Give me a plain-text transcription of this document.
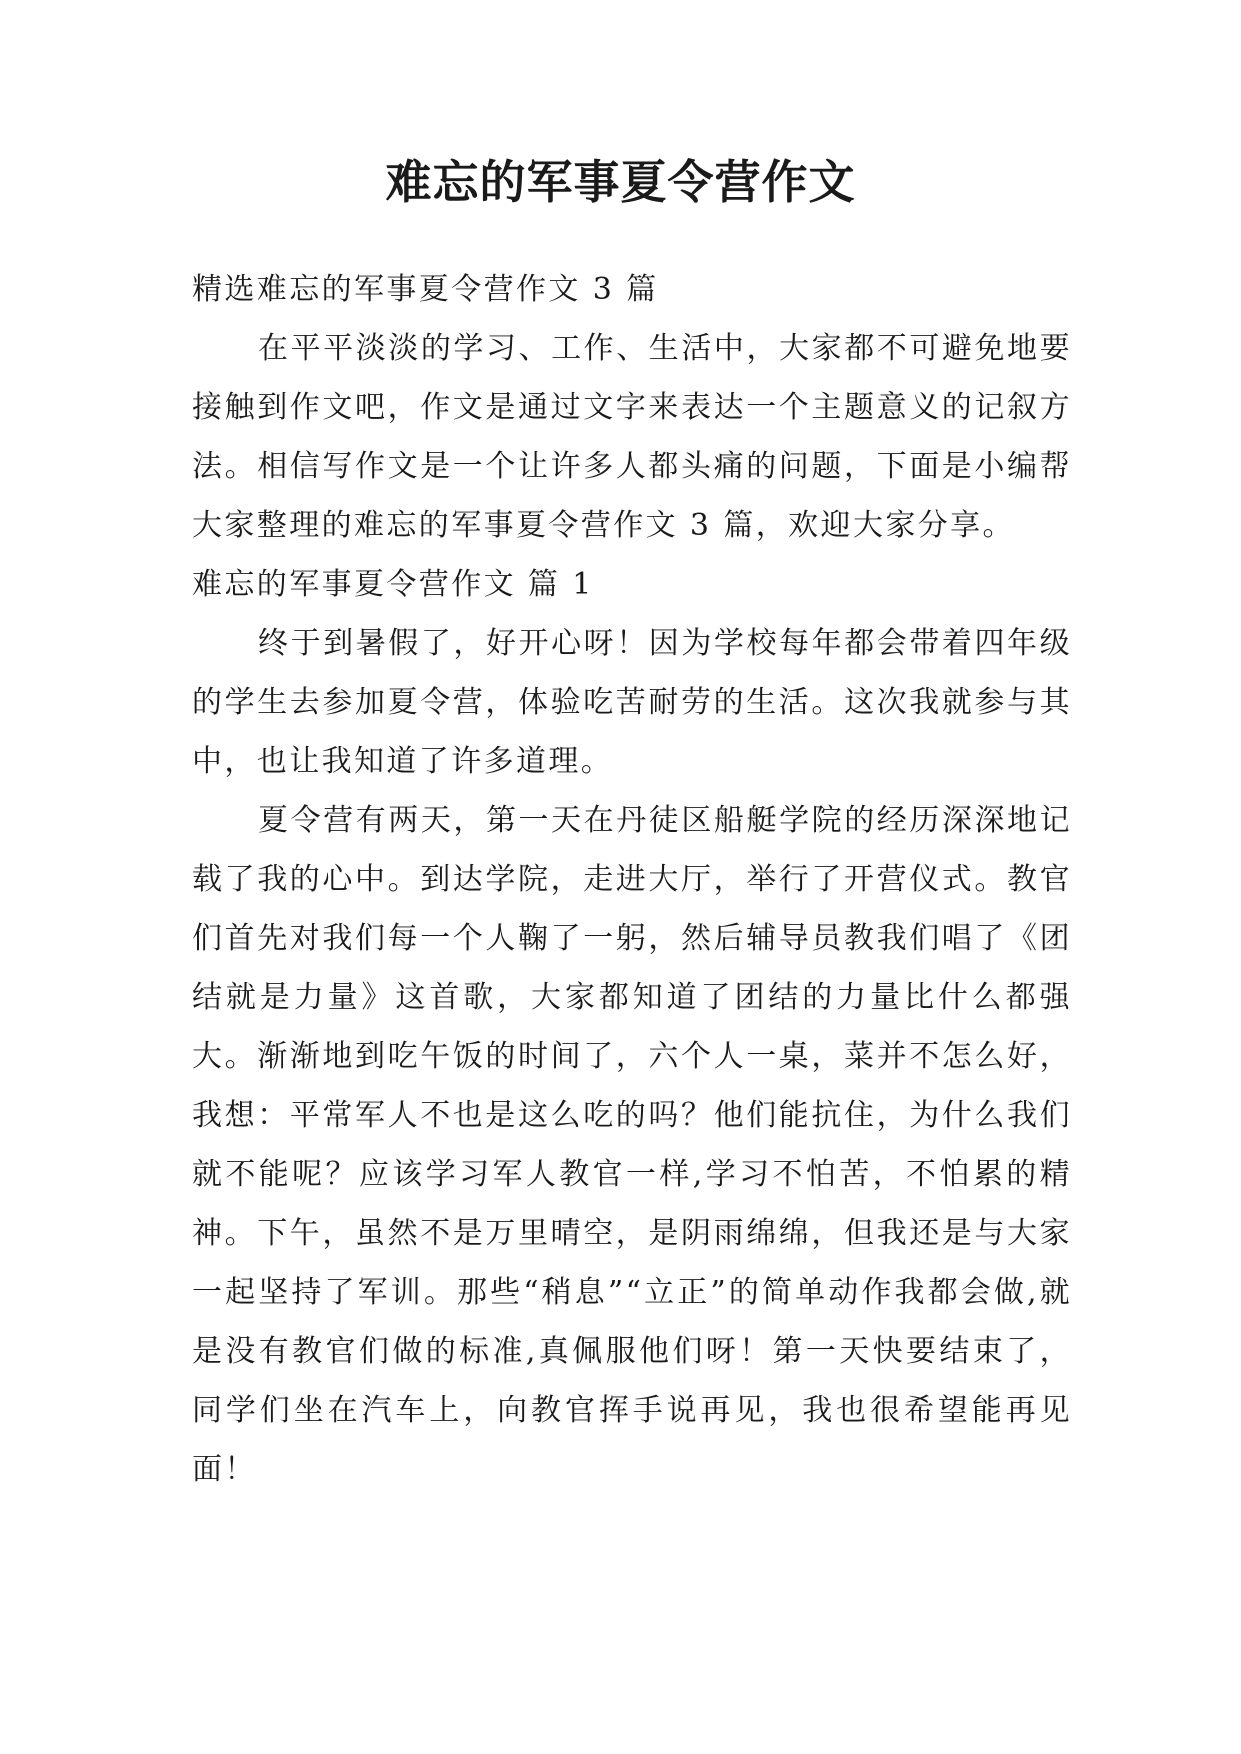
难忘的军事夏令营作文

精选难忘的军事夏令营作文 3 篇

在平平淡淡的学习、工作、生活中，大家都不可避免地要接触到作文吧，作文是通过文字来表达一个主题意义的记叙方法。相信写作文是一个让许多人都头痛的问题，下面是小编帮大家整理的难忘的军事夏令营作文 3 篇，欢迎大家分享。

难忘的军事夏令营作文 篇 1

终于到暑假了，好开心呀！因为学校每年都会带着四年级的学生去参加夏令营，体验吃苦耐劳的生活。这次我就参与其中，也让我知道了许多道理。

夏令营有两天，第一天在丹徒区船艇学院的经历深深地记载了我的心中。到达学院，走进大厅，举行了开营仪式。教官们首先对我们每一个人鞠了一躬，然后辅导员教我们唱了《团结就是力量》这首歌，大家都知道了团结的力量比什么都强大。渐渐地到吃午饭的时间了，六个人一桌，菜并不怎么好，我想：平常军人不也是这么吃的吗？他们能抗住，为什么我们就不能呢？应该学习军人教官一样,学习不怕苦，不怕累的精神。下午，虽然不是万里晴空，是阴雨绵绵，但我还是与大家一起坚持了军训。那些“稍息”“立正”的简单动作我都会做,就是没有教官们做的标准,真佩服他们呀！第一天快要结束了，同学们坐在汽车上，向教官挥手说再见，我也很希望能再见面！
